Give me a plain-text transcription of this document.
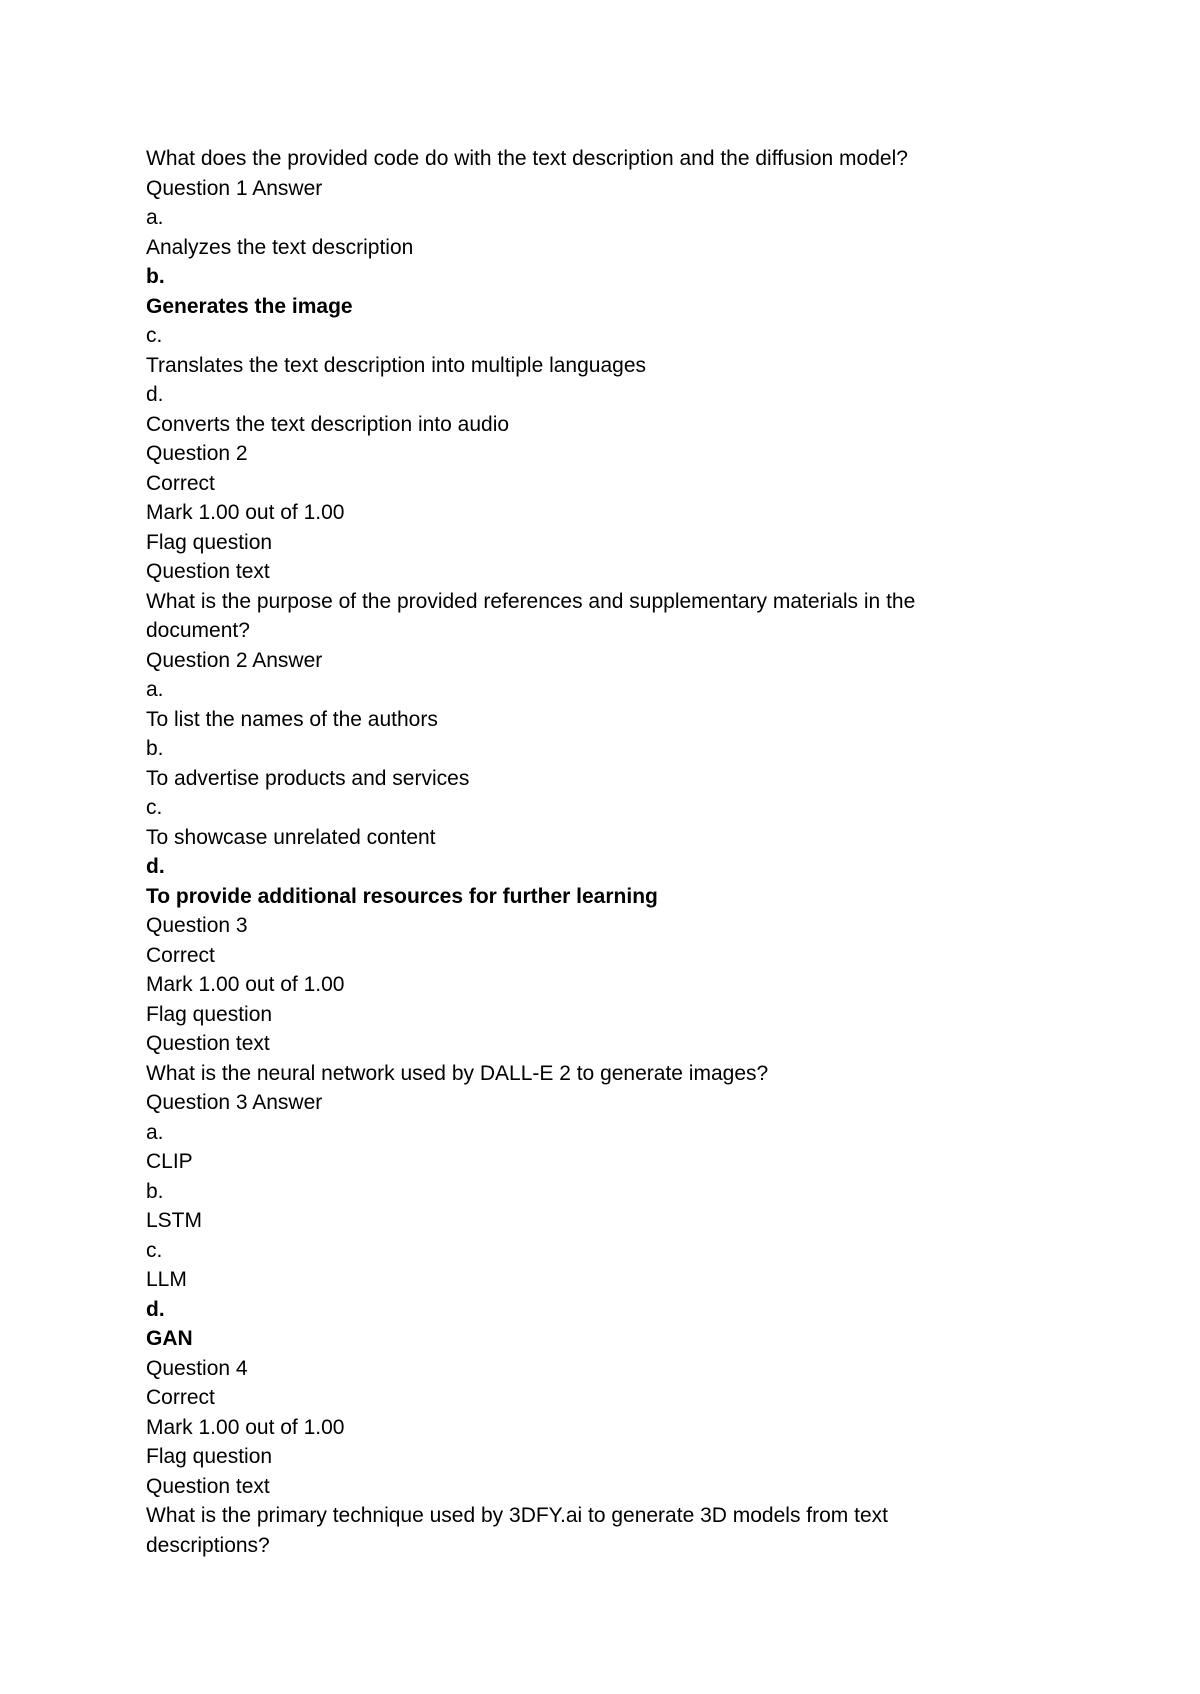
What does the provided code do with the text description and the diffusion model?
Question 1 Answer
a.
Analyzes the text description
b.
Generates the image
c.
Translates the text description into multiple languages
d.
Converts the text description into audio
Question 2
Correct
Mark 1.00 out of 1.00
Flag question
Question text
What is the purpose of the provided references and supplementary materials in the
document?
Question 2 Answer
a.
To list the names of the authors
b.
To advertise products and services
c.
To showcase unrelated content
d.
To provide additional resources for further learning
Question 3
Correct
Mark 1.00 out of 1.00
Flag question
Question text
What is the neural network used by DALL-E 2 to generate images?
Question 3 Answer
a.
CLIP
b.
LSTM
c.
LLM
d.
GAN
Question 4
Correct
Mark 1.00 out of 1.00
Flag question
Question text
What is the primary technique used by 3DFY.ai to generate 3D models from text
descriptions?
